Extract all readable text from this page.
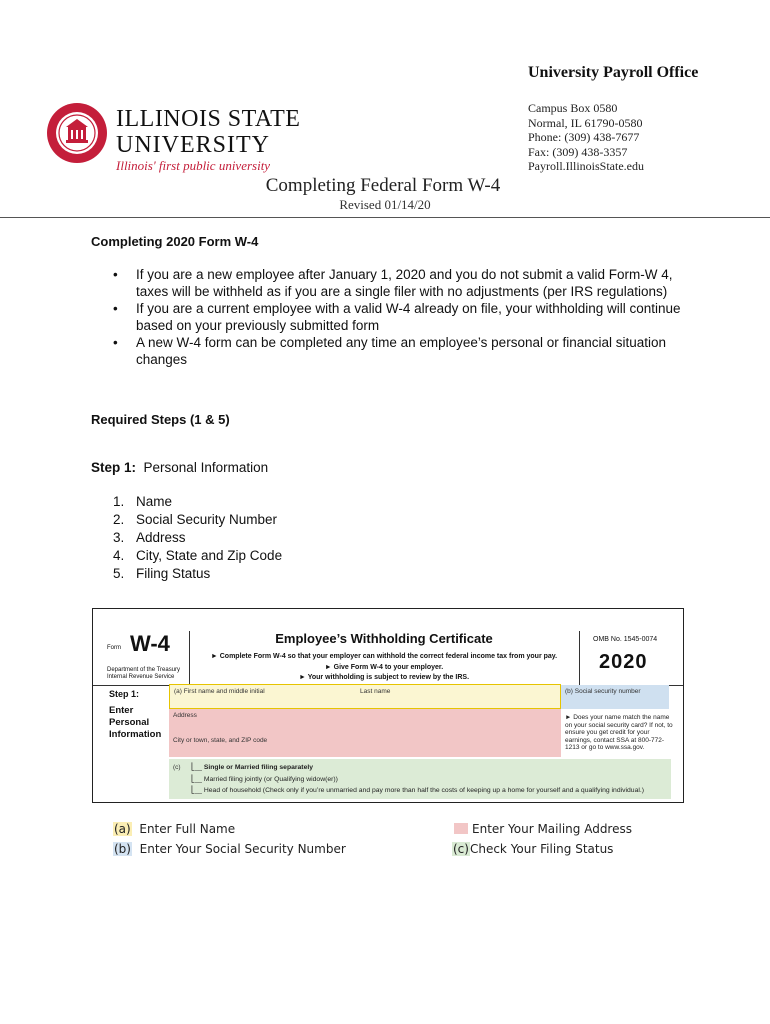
ILLINOIS STATE
UNIVERSITY
Illinois' first public university
University Payroll Office
Campus Box 0580
Normal, IL 61790-0580
Phone: (309) 438-7677
Fax: (309) 438-3357
Payroll.IllinoisState.edu
Completing Federal Form W-4
Revised 01/14/20
Completing 2020 Form W-4
• If you are a new employee after January 1, 2020 and you do not submit a valid Form-W 4, taxes will be withheld as if you are a single filer with no adjustments (per IRS regulations)
• If you are a current employee with a valid W-4 already on file, your withholding will continue based on your previously submitted form
• A new W-4 form can be completed any time an employee’s personal or financial situation changes
Required Steps (1 & 5)
Step 1: Personal Information
1. Name
2. Social Security Number
3. Address
4. City, State and Zip Code
5. Filing Status
Form W-4
Department of the Treasury
Internal Revenue Service
Employee’s Withholding Certificate
► Complete Form W-4 so that your employer can withhold the correct federal income tax from your pay.
► Give Form W-4 to your employer.
► Your withholding is subject to review by the IRS.
OMB No. 1545-0074
2020
Step 1:
Enter
Personal
Information
(a) First name and middle initial	Last name	(b) Social security number
Address
City or town, state, and ZIP code
► Does your name match the name on your social security card? If not, to ensure you get credit for your earnings, contact SSA at 800-772-1213 or go to www.ssa.gov.
(c) ⎣__ Single or Married filing separately
⎣__ Married filing jointly (or Qualifying widow(er))
⎣__ Head of household (Check only if you’re unmarried and pay more than half the costs of keeping up a home for yourself and a qualifying individual.)
(a) Enter Full Name
(b) Enter Your Social Security Number
Enter Your Mailing Address
(c)Check Your Filing Status
